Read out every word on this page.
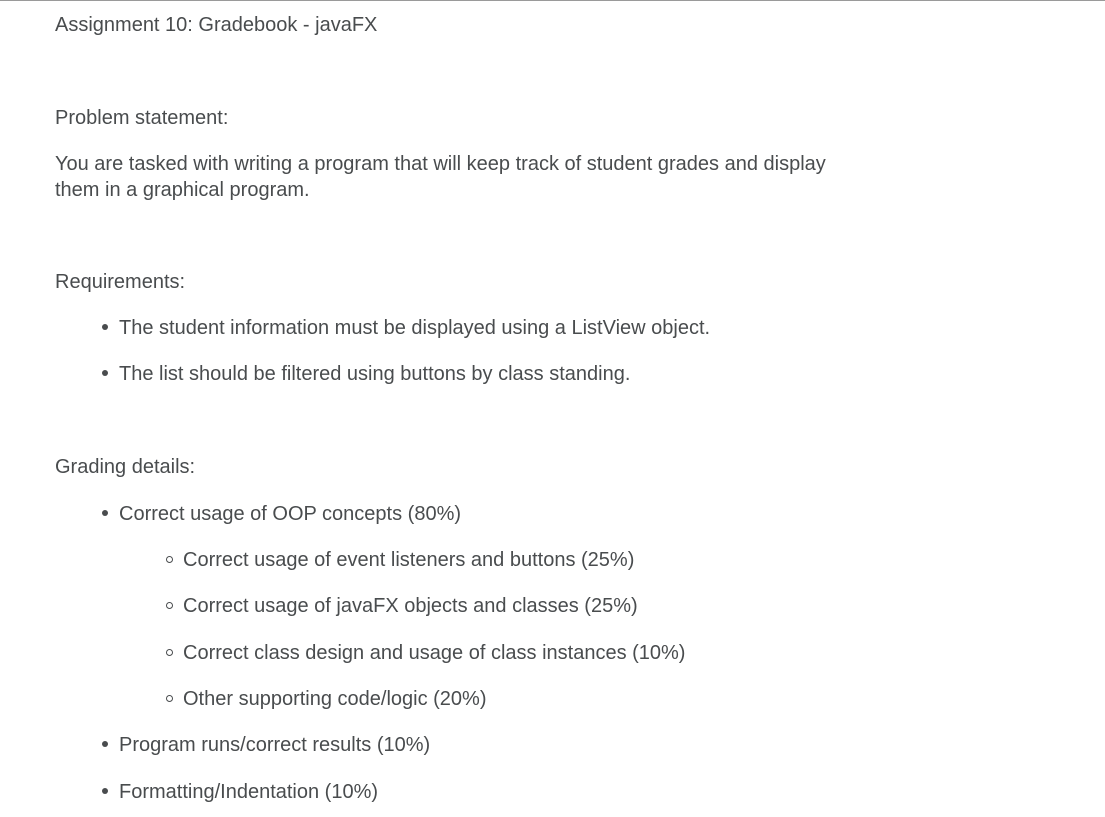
Assignment 10: Gradebook - javaFX
Problem statement:
You are tasked with writing a program that will keep track of student grades and display them in a graphical program.
Requirements:
The student information must be displayed using a ListView object.
The list should be filtered using buttons by class standing.
Grading details:
Correct usage of OOP concepts (80%)
Correct usage of event listeners and buttons (25%)
Correct usage of javaFX objects and classes (25%)
Correct class design and usage of class instances (10%)
Other supporting code/logic (20%)
Program runs/correct results (10%)
Formatting/Indentation (10%)
